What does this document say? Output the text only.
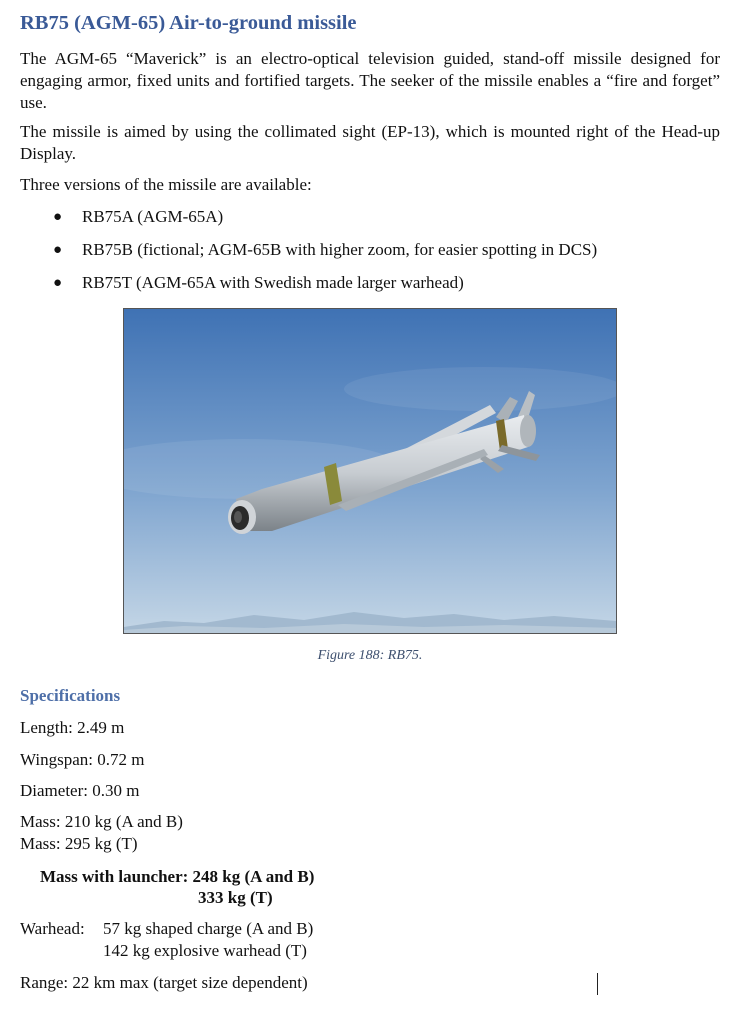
RB75 (AGM-65) Air-to-ground missile

The AGM-65 “Maverick” is an electro-optical television guided, stand-off missile designed for engaging armor, fixed units and fortified targets. The seeker of the missile enables a “fire and forget” use.

The missile is aimed by using the collimated sight (EP-13), which is mounted right of the Head-up Display.

Three versions of the missile are available:

● RB75A (AGM-65A)
● RB75B (fictional; AGM-65B with higher zoom, for easier spotting in DCS)
● RB75T (AGM-65A with Swedish made larger warhead)
Figure 188: RB75.
Specifications
Length: 2.49 m
Wingspan: 0.72 m
Diameter: 0.30 m
Mass: 210 kg (A and B)
Mass: 295 kg (T)
Mass with launcher: 248 kg (A and B)
333 kg (T)
Warhead: 57 kg shaped charge (A and B)
142 kg explosive warhead (T)
Range: 22 km max (target size dependent)
